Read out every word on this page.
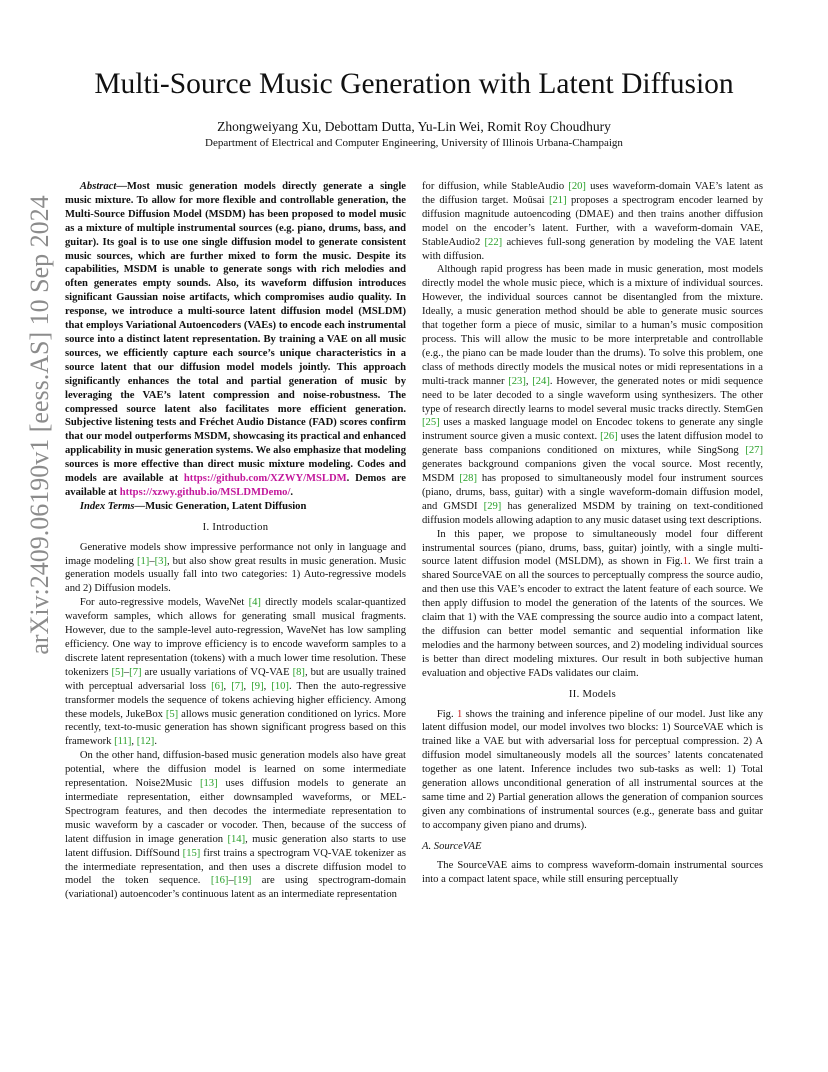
arXiv:2409.06190v1 [eess.AS] 10 Sep 2024
Multi-Source Music Generation with Latent Diffusion
Zhongweiyang Xu, Debottam Dutta, Yu-Lin Wei, Romit Roy Choudhury
Department of Electrical and Computer Engineering, University of Illinois Urbana-Champaign

Abstract—Most music generation models directly generate a single music mixture. To allow for more flexible and controllable generation, the Multi-Source Diffusion Model (MSDM) has been proposed to model music as a mixture of multiple instrumental sources (e.g. piano, drums, bass, and guitar). Its goal is to use one single diffusion model to generate consistent music sources, which are further mixed to form the music. Despite its capabilities, MSDM is unable to generate songs with rich melodies and often generates empty sounds. Also, its waveform diffusion introduces significant Gaussian noise artifacts, which compromises audio quality. In response, we introduce a multi-source latent diffusion model (MSLDM) that employs Variational Autoencoders (VAEs) to encode each instrumental source into a distinct latent representation. By training a VAE on all music sources, we efficiently capture each source’s unique characteristics in a source latent that our diffusion model models jointly. This approach significantly enhances the total and partial generation of music by leveraging the VAE’s latent compression and noise-robustness. The compressed source latent also facilitates more efficient generation. Subjective listening tests and Fréchet Audio Distance (FAD) scores confirm that our model outperforms MSDM, showcasing its practical and enhanced applicability in music generation systems. We also emphasize that modeling sources is more effective than direct music mixture modeling. Codes and models are available at https://github.com/XZWY/MSLDM. Demos are available at https://xzwy.github.io/MSLDMDemo/.

Index Terms—Music Generation, Latent Diffusion

I. Introduction

Generative models show impressive performance not only in language and image modeling [1]–[3], but also show great results in music generation. Music generation models usually fall into two categories: 1) Auto-regressive models and 2) Diffusion models.

For auto-regressive models, WaveNet [4] directly models scalar-quantized waveform samples, which allows for generating small musical fragments. However, due to the sample-level auto-regression, WaveNet has low sampling efficiency. One way to improve efficiency is to encode waveform samples to a discrete latent representation (tokens) with a much lower time resolution. These tokenizers [5]–[7] are usually variations of VQ-VAE [8], but are usually trained with perceptual adversarial loss [6], [7], [9], [10]. Then the auto-regressive transformer models the sequence of tokens achieving higher efficiency. Among these models, JukeBox [5] allows music generation conditioned on lyrics. More recently, text-to-music generation has shown significant progress based on this framework [11], [12].

On the other hand, diffusion-based music generation models also have great potential, where the diffusion model is learned on some intermediate representation. Noise2Music [13] uses diffusion models to generate an intermediate representation, either downsampled waveforms, or MEL-Spectrogram features, and then decodes the intermediate representation to music waveform by a cascader or vocoder. Then, because of the success of latent diffusion in image generation [14], music generation also starts to use latent diffusion. DiffSound [15] first trains a spectrogram VQ-VAE tokenizer as the intermediate representation, and then uses a discrete diffusion model to model the token sequence. [16]–[19] are using spectrogram-domain (variational) autoencoder’s continuous latent as an intermediate representation

for diffusion, while StableAudio [20] uses waveform-domain VAE’s latent as the diffusion target. Moûsai [21] proposes a spectrogram encoder learned by diffusion magnitude autoencoding (DMAE) and then trains another diffusion model on the encoder’s latent. Further, with a waveform-domain VAE, StableAudio2 [22] achieves full-song generation by modeling the VAE latent with diffusion.

Although rapid progress has been made in music generation, most models directly model the whole music piece, which is a mixture of individual sources. However, the individual sources cannot be disentangled from the mixture. Ideally, a music generation method should be able to generate music sources that together form a piece of music, similar to a human’s music composition process. This will allow the music to be more interpretable and controllable (e.g., the piano can be made louder than the drums). To solve this problem, one class of methods directly models the musical notes or midi representations in a multi-track manner [23], [24]. However, the generated notes or midi sequence need to be later decoded to a single waveform using synthesizers. The other type of research directly learns to model several music tracks directly. StemGen [25] uses a masked language model on Encodec tokens to generate any single instrument source given a music context. [26] uses the latent diffusion model to generate bass companions conditioned on mixtures, while SingSong [27] generates background companions given the vocal source. Most recently, MSDM [28] has proposed to simultaneously model four instrument sources (piano, drums, bass, guitar) with a single waveform-domain diffusion model, and GMSDI [29] has generalized MSDM by training on text-conditioned diffusion models allowing adaption to any music dataset using text descriptions.

In this paper, we propose to simultaneously model four different instrumental sources (piano, drums, bass, guitar) jointly, with a single multi-source latent diffusion model (MSLDM), as shown in Fig.1. We first train a shared SourceVAE on all the sources to perceptually compress the source audio, and then use this VAE’s encoder to extract the latent feature of each source. We then apply diffusion to model the generation of the latents of the sources. We claim that 1) with the VAE compressing the source audio into a compact latent, the diffusion can better model semantic and sequential information like melodies and the harmony between sources, and 2) modeling individual sources is better than direct modeling mixtures. Our result in both subjective human evaluation and objective FADs validates our claim.

II. Models

Fig. 1 shows the training and inference pipeline of our model. Just like any latent diffusion model, our model involves two blocks: 1) SourceVAE which is trained like a VAE but with adversarial loss for perceptual compression. 2) A diffusion model simultaneously models all the sources’ latents concatenated together as one latent. Inference includes two sub-tasks as well: 1) Total generation allows unconditional generation of all instrumental sources at the same time and 2) Partial generation allows the generation of companion sources given any combinations of instrumental sources (e.g., generate bass and guitar to accompany given piano and drums).

A. SourceVAE

The SourceVAE aims to compress waveform-domain instrumental sources into a compact latent space, while still ensuring perceptually
